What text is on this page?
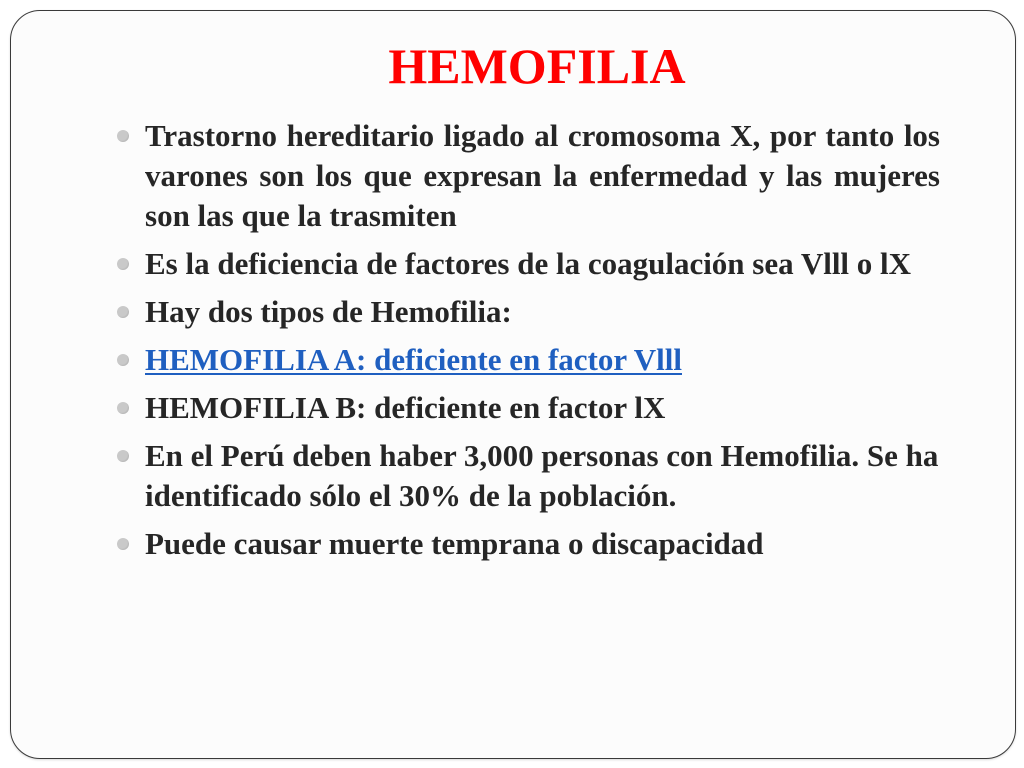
HEMOFILIA
Trastorno hereditario ligado al cromosoma X, por tanto los varones son los que expresan la enfermedad y las mujeres son las que la trasmiten
Es la deficiencia de factores de la coagulación sea Vlll o lX
Hay dos tipos de Hemofilia:
HEMOFILIA A: deficiente en factor Vlll
HEMOFILIA B: deficiente en factor lX
En el Perú deben haber 3,000 personas con Hemofilia. Se ha identificado sólo el 30% de la población.
Puede causar muerte temprana o discapacidad
